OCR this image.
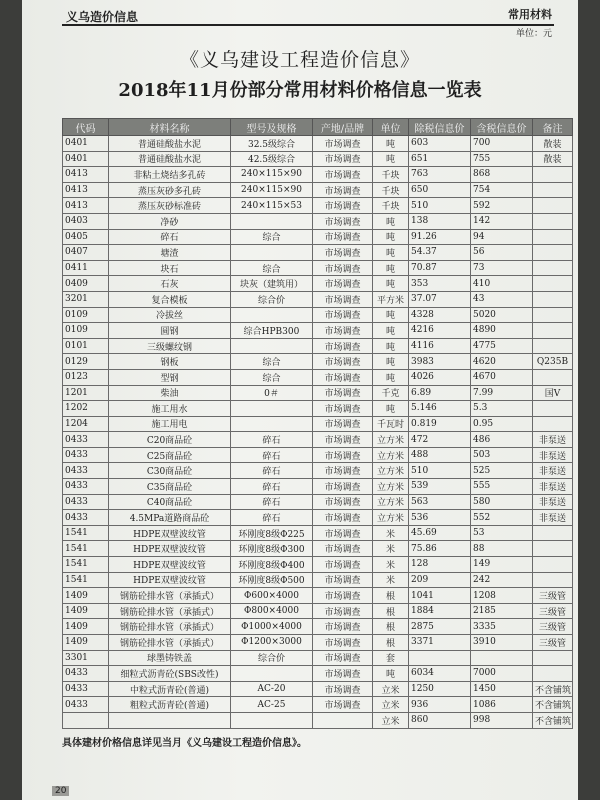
义乌造价信息	常用材料
单位：元
《义乌建设工程造价信息》
2018年11月份部分常用材料价格信息一览表
代码	材料名称	型号及规格	产地/品牌	单位	除税信息价	含税信息价	备注
0401	普通硅酸盐水泥	32.5级综合	市场调查	吨	603	700	散装
0401	普通硅酸盐水泥	42.5级综合	市场调查	吨	651	755	散装
0413	非粘土烧结多孔砖	240×115×90	市场调查	千块	763	868	
0413	蒸压灰砂多孔砖	240×115×90	市场调查	千块	650	754	
0413	蒸压灰砂标准砖	240×115×53	市场调查	千块	510	592	
0403	净砂		市场调查	吨	138	142	
0405	碎石	综合	市场调查	吨	91.26	94	
0407	塘渣		市场调查	吨	54.37	56	
0411	块石	综合	市场调查	吨	70.87	73	
0409	石灰	块灰（建筑用）	市场调查	吨	353	410	
3201	复合模板	综合价	市场调查	平方米	37.07	43	
0109	冷拔丝		市场调查	吨	4328	5020	
0109	圆钢	综合HPB300	市场调查	吨	4216	4890	
0101	三级螺纹钢		市场调查	吨	4116	4775	
0129	钢板	综合	市场调查	吨	3983	4620	Q235B
0123	型钢	综合	市场调查	吨	4026	4670	
1201	柴油	0＃	市场调查	千克	6.89	7.99	国Ⅴ
1202	施工用水		市场调查	吨	5.146	5.3	
1204	施工用电		市场调查	千瓦时	0.819	0.95	
0433	C20商品砼	碎石	市场调查	立方米	472	486	非泵送
0433	C25商品砼	碎石	市场调查	立方米	488	503	非泵送
0433	C30商品砼	碎石	市场调查	立方米	510	525	非泵送
0433	C35商品砼	碎石	市场调查	立方米	539	555	非泵送
0433	C40商品砼	碎石	市场调查	立方米	563	580	非泵送
0433	4.5MPa道路商品砼	碎石	市场调查	立方米	536	552	非泵送
1541	HDPE双壁波纹管	环刚度8级Φ225	市场调查	米	45.69	53	
1541	HDPE双壁波纹管	环刚度8级Φ300	市场调查	米	75.86	88	
1541	HDPE双壁波纹管	环刚度8级Φ400	市场调查	米	128	149	
1541	HDPE双壁波纹管	环刚度8级Φ500	市场调查	米	209	242	
1409	钢筋砼排水管（承插式）	Φ600×4000	市场调查	根	1041	1208	三级管
1409	钢筋砼排水管（承插式）	Φ800×4000	市场调查	根	1884	2185	三级管
1409	钢筋砼排水管（承插式）	Φ1000×4000	市场调查	根	2875	3335	三级管
1409	钢筋砼排水管（承插式）	Φ1200×3000	市场调查	根	3371	3910	三级管
3301	球墨铸铁盖	综合价	市场调查	套			
0433	细粒式沥青砼(SBS改性)		市场调查	吨	6034	7000	
0433	中粒式沥青砼(普通)	AC-20	市场调查	立米	1250	1450	不含铺筑
0433	粗粒式沥青砼(普通)	AC-25	市场调查	立米	936	1086	不含铺筑
				立米	860	998	不含铺筑
具体建材价格信息详见当月《义乌建设工程造价信息》。
20
